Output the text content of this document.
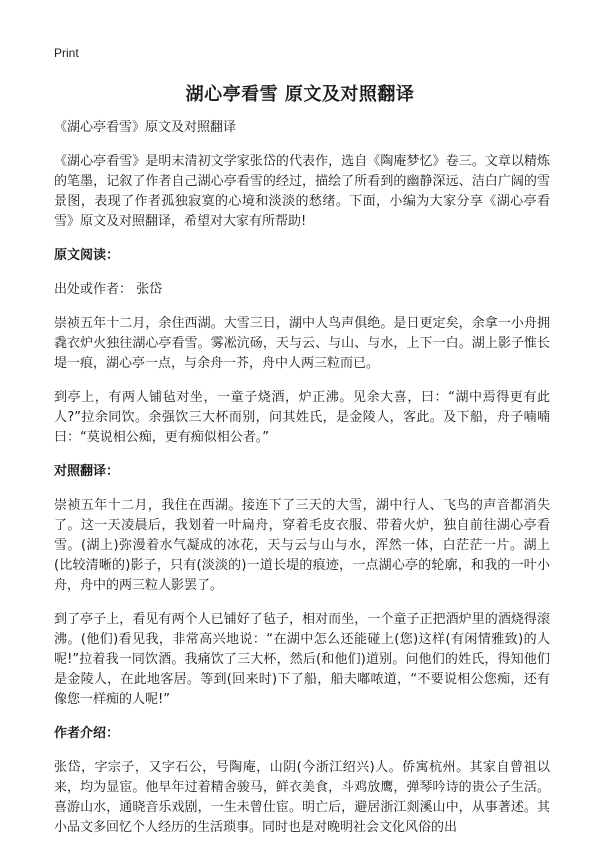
Print
湖心亭看雪 原文及对照翻译

《湖心亭看雪》原文及对照翻译

《湖心亭看雪》是明末清初文学家张岱的代表作，选自《陶庵梦忆》卷三。文章以精炼的笔墨，记叙了作者自己湖心亭看雪的经过，描绘了所看到的幽静深远、洁白广阔的雪景图，表现了作者孤独寂寞的心境和淡淡的愁绪。下面，小编为大家分享《湖心亭看雪》原文及对照翻译，希望对大家有所帮助!

原文阅读：

出处或作者： 张岱

崇祯五年十二月，余住西湖。大雪三日，湖中人鸟声俱绝。是日更定矣，余拿一小舟拥毳衣炉火独往湖心亭看雪。雾凇沆砀，天与云、与山、与水，上下一白。湖上影子惟长堤一痕，湖心亭一点，与余舟一芥，舟中人两三粒而已。

到亭上，有两人铺毡对坐，一童子烧酒，炉正沸。见余大喜，曰：“湖中焉得更有此人?”拉余同饮。余强饮三大杯而别，问其姓氏，是金陵人，客此。及下船，舟子喃喃曰：“莫说相公痴，更有痴似相公者。”

对照翻译：

崇祯五年十二月，我住在西湖。接连下了三天的大雪，湖中行人、飞鸟的声音都消失了。这一天凌晨后，我划着一叶扁舟，穿着毛皮衣服、带着火炉，独自前往湖心亭看雪。(湖上)弥漫着水气凝成的冰花，天与云与山与水，浑然一体，白茫茫一片。湖上(比较清晰的)影子，只有(淡淡的)一道长堤的痕迹，一点湖心亭的轮廓，和我的一叶小舟，舟中的两三粒人影罢了。

到了亭子上，看见有两个人已铺好了毡子，相对而坐，一个童子正把酒炉里的酒烧得滚沸。(他们)看见我，非常高兴地说：“在湖中怎么还能碰上(您)这样(有闲情雅致)的人呢!”拉着我一同饮酒。我痛饮了三大杯，然后(和他们)道别。问他们的姓氏，得知他们是金陵人，在此地客居。等到(回来时)下了船，船夫嘟哝道，“不要说相公您痴，还有像您一样痴的人呢!”

作者介绍：

张岱，字宗子，又字石公，号陶庵，山阴(今浙江绍兴)人。侨寓杭州。其家自曾祖以来，均为显宦。他早年过着精舍骏马，鲜衣美食，斗鸡放鹰，弹琴吟诗的贵公子生活。喜游山水，通晓音乐戏剧，一生未曾仕宦。明亡后，避居浙江剡溪山中，从事著述。其小品文多回忆个人经历的生活琐事。同时也是对晚明社会文化风俗的出
